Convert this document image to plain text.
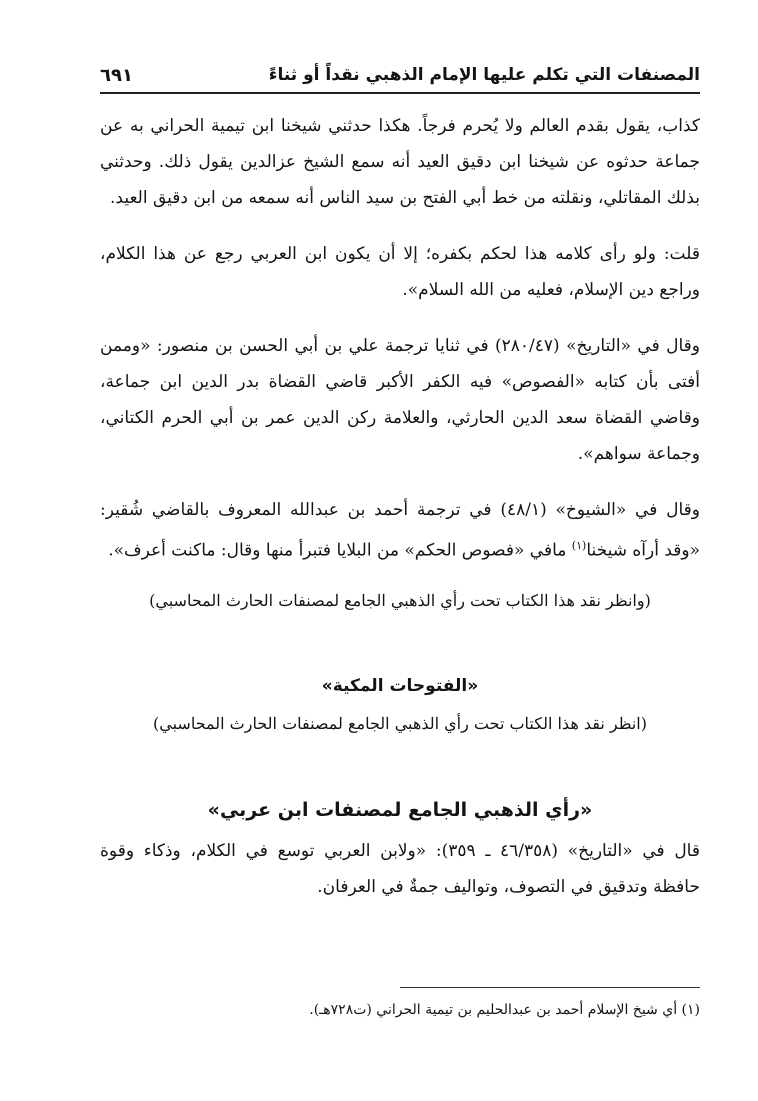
المصنفات التي تكلم عليها الإمام الذهبي نقداً أو ثناءً
٦٩١

كذاب، يقول بقدم العالم ولا يُحرم فرجاً. هكذا حدثني شيخنا ابن تيمية الحراني به عن جماعة حدثوه عن شيخنا ابن دقيق العيد أنه سمع الشيخ عزالدين يقول ذلك. وحدثني بذلك المقاتلي، ونقلته من خط أبي الفتح بن سيد الناس أنه سمعه من ابن دقيق العيد.

قلت: ولو رأى كلامه هذا لحكم بكفره؛ إلا أن يكون ابن العربي رجع عن هذا الكلام، وراجع دين الإسلام، فعليه من الله السلام».

وقال في «التاريخ» (٢٨٠/٤٧) في ثنايا ترجمة علي بن أبي الحسن بن منصور: «وممن أفتى بأن كتابه «الفصوص» فيه الكفر الأكبر قاضي القضاة بدر الدين ابن جماعة، وقاضي القضاة سعد الدين الحارثي، والعلامة ركن الدين عمر بن أبي الحرم الكتاني، وجماعة سواهم».

وقال في «الشيوخ» (٤٨/١) في ترجمة أحمد بن عبدالله المعروف بالقاضي شُقير: «وقد أرآه شيخنا$^{(١)}$ مافي «فصوص الحكم» من البلايا فتبرأ منها وقال: ماكنت أعرف».

(وانظر نقد هذا الكتاب تحت رأي الذهبي الجامع لمصنفات الحارث المحاسبي)
«الفتوحات المكية»
(انظر نقد هذا الكتاب تحت رأي الذهبي الجامع لمصنفات الحارث المحاسبي)
«رأي الذهبي الجامع لمصنفات ابن عربي»

قال في «التاريخ» (٤٦/٣٥٨ ـ ٣٥٩): «ولابن العربي توسع في الكلام، وذكاء وقوة حافظة وتدقيق في التصوف، وتواليف جمةٌ في العرفان.

(١) أي شيخ الإسلام أحمد بن عبدالحليم بن تيمية الحراني (ت٧٢٨هـ).
